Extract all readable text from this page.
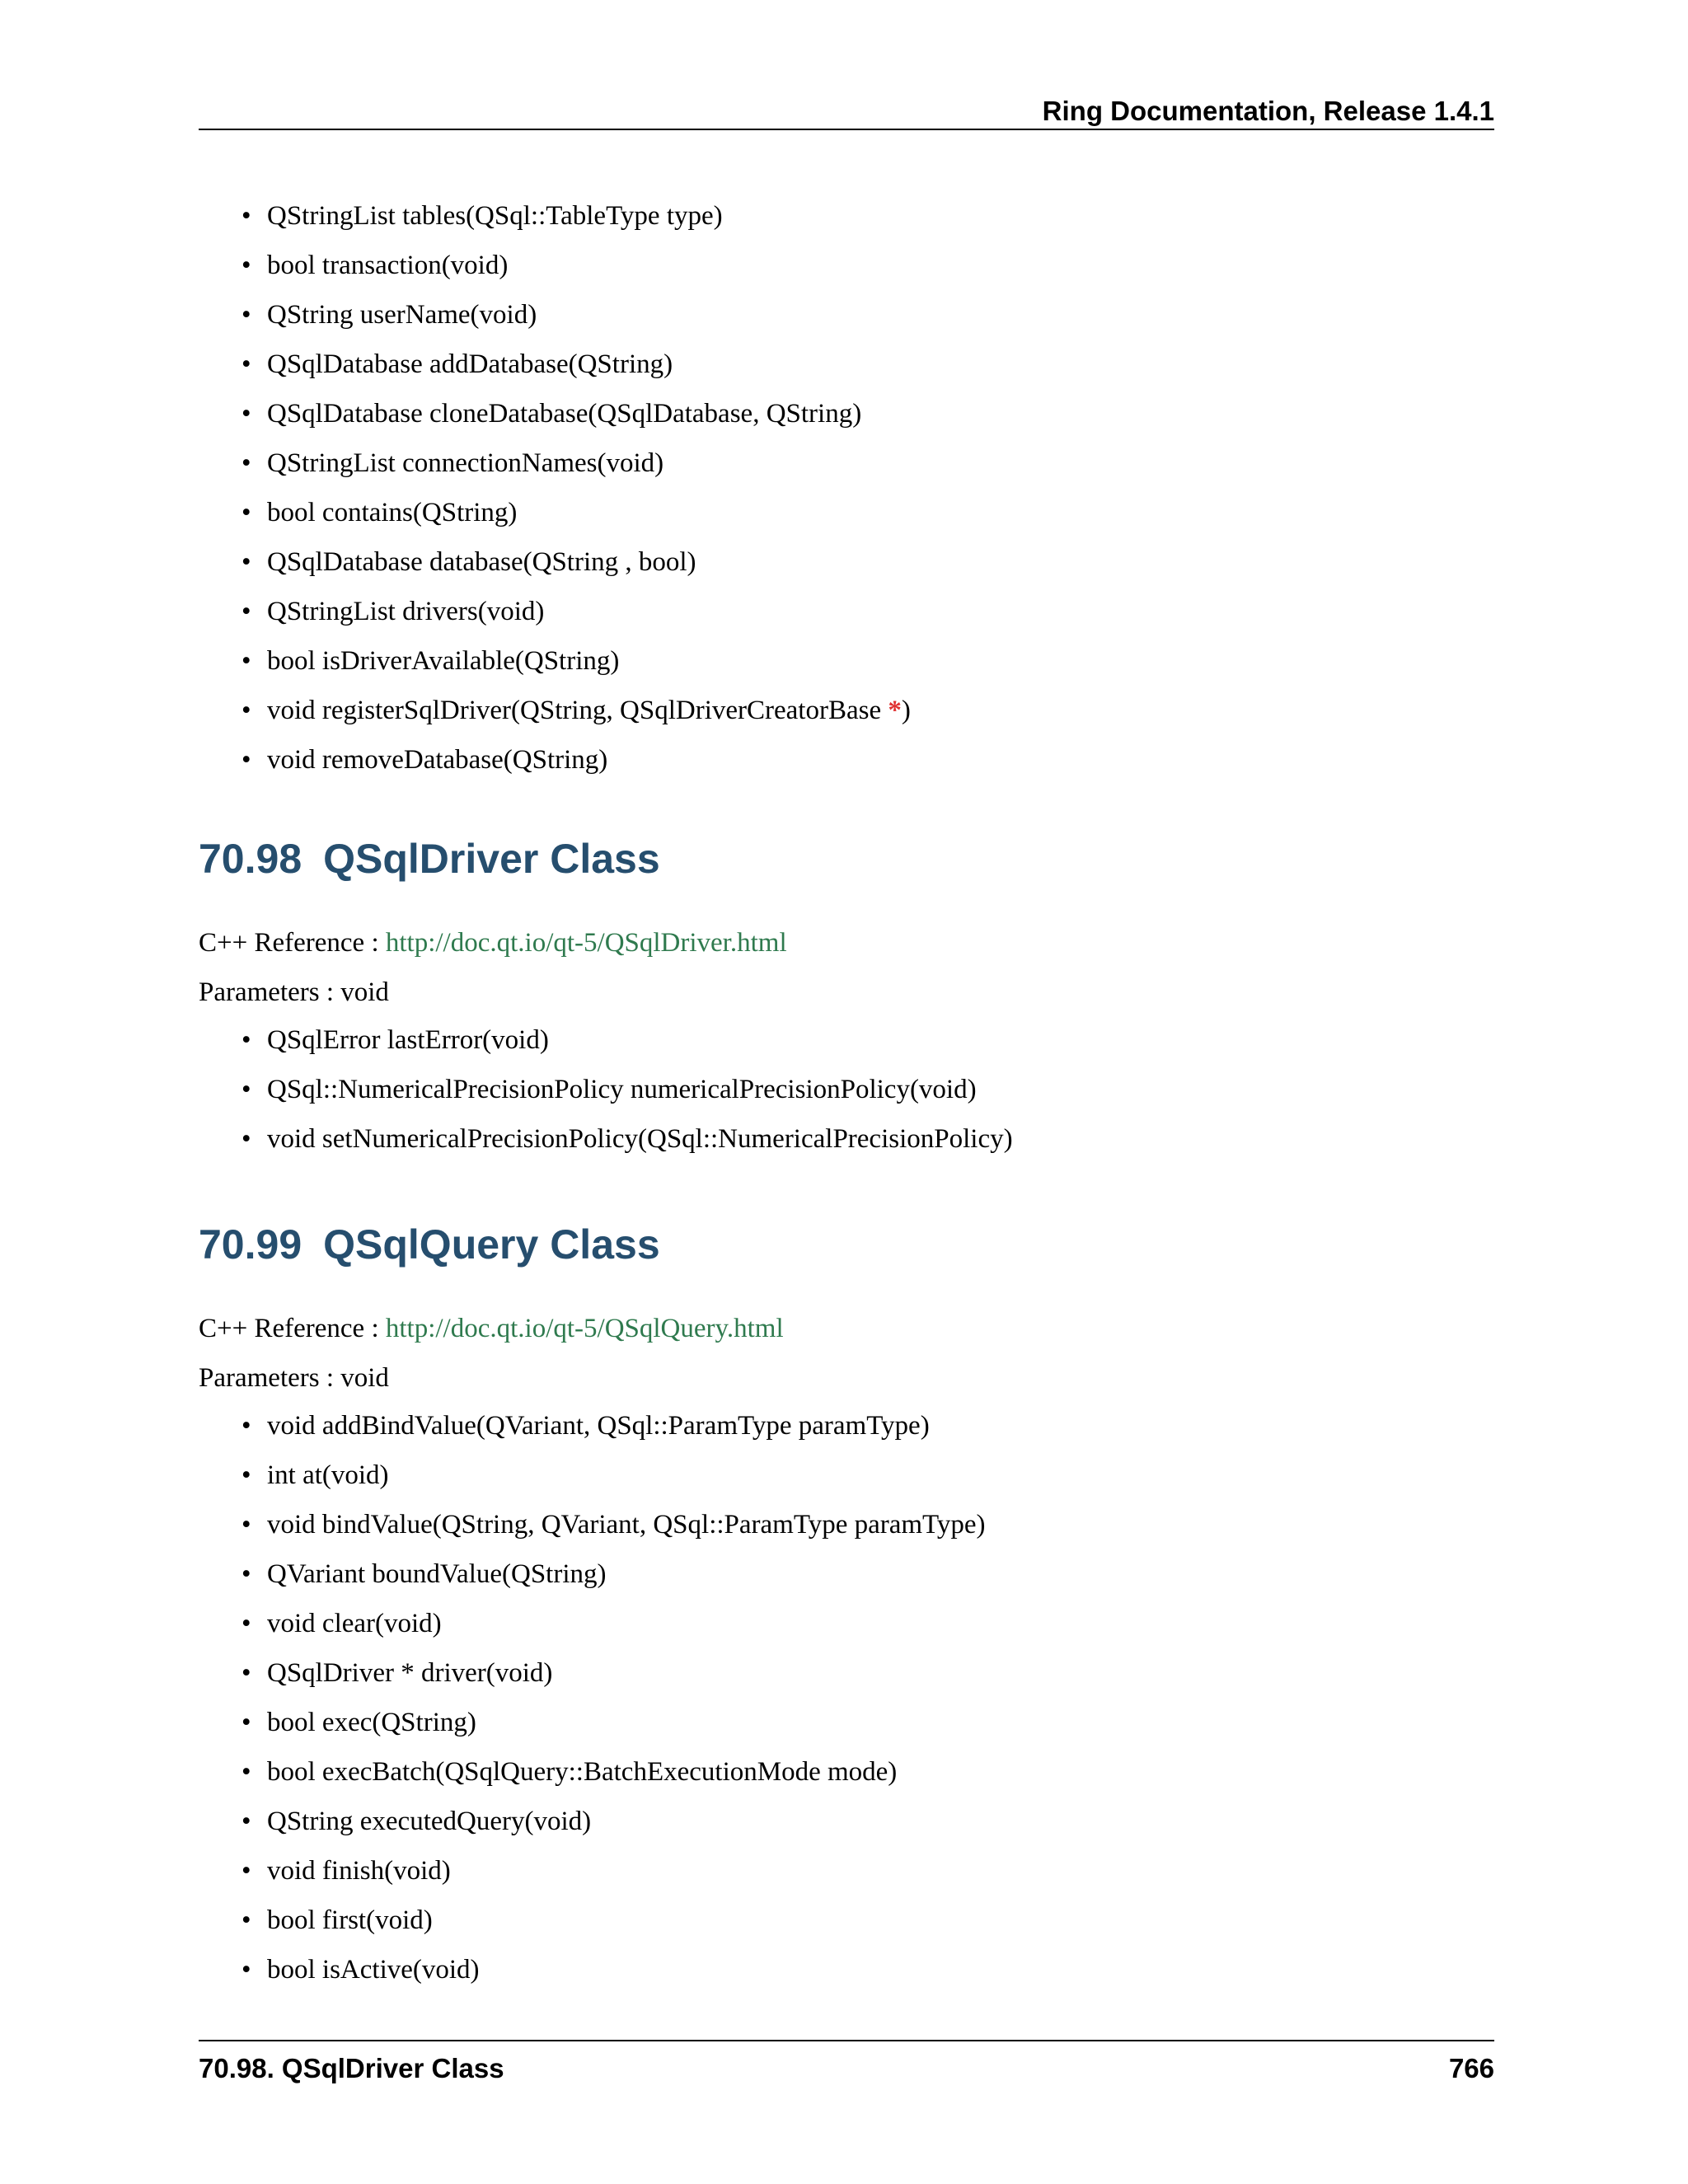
Ring Documentation, Release 1.4.1
• QStringList tables(QSql::TableType type)
• bool transaction(void)
• QString userName(void)
• QSqlDatabase addDatabase(QString)
• QSqlDatabase cloneDatabase(QSqlDatabase, QString)
• QStringList connectionNames(void)
• bool contains(QString)
• QSqlDatabase database(QString , bool)
• QStringList drivers(void)
• bool isDriverAvailable(QString)
• void registerSqlDriver(QString, QSqlDriverCreatorBase *)
• void removeDatabase(QString)
70.98 QSqlDriver Class
C++ Reference : http://doc.qt.io/qt-5/QSqlDriver.html
Parameters : void
• QSqlError lastError(void)
• QSql::NumericalPrecisionPolicy numericalPrecisionPolicy(void)
• void setNumericalPrecisionPolicy(QSql::NumericalPrecisionPolicy)
70.99 QSqlQuery Class
C++ Reference : http://doc.qt.io/qt-5/QSqlQuery.html
Parameters : void
• void addBindValue(QVariant, QSql::ParamType paramType)
• int at(void)
• void bindValue(QString, QVariant, QSql::ParamType paramType)
• QVariant boundValue(QString)
• void clear(void)
• QSqlDriver * driver(void)
• bool exec(QString)
• bool execBatch(QSqlQuery::BatchExecutionMode mode)
• QString executedQuery(void)
• void finish(void)
• bool first(void)
• bool isActive(void)
70.98. QSqlDriver Class	766
